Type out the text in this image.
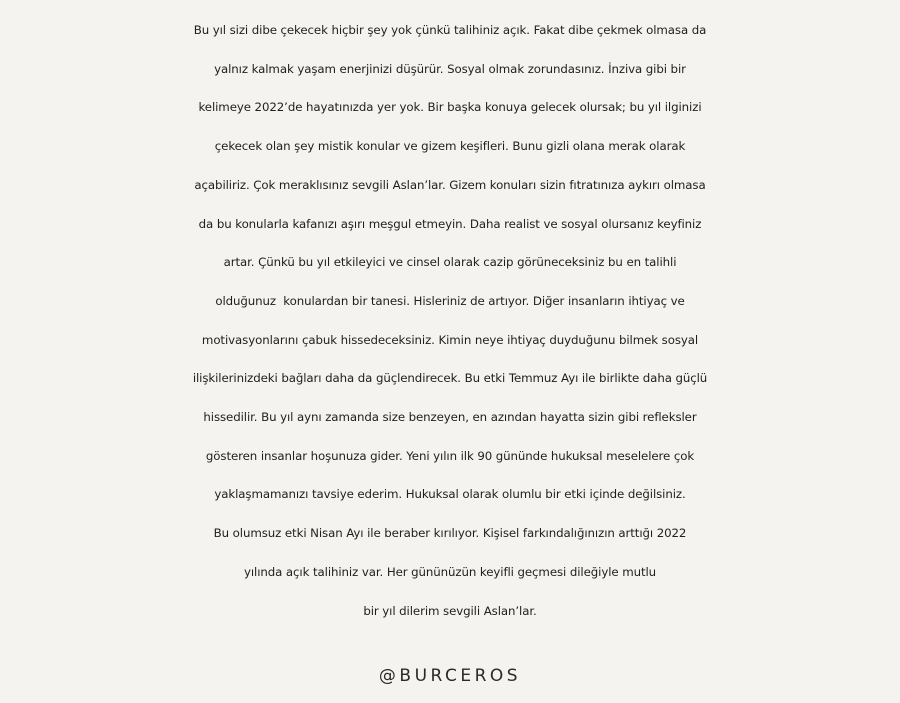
Bu yıl sizi dibe çekecek hiçbir şey yok çünkü talihiniz açık. Fakat dibe çekmek olmasa da
yalnız kalmak yaşam enerjinizi düşürür. Sosyal olmak zorundasınız. İnziva gibi bir
kelimeye 2022’de hayatınızda yer yok. Bir başka konuya gelecek olursak; bu yıl ilginizi
çekecek olan şey mistik konular ve gizem keşifleri. Bunu gizli olana merak olarak
açabiliriz. Çok meraklısınız sevgili Aslan’lar. Gizem konuları sizin fıtratınıza aykırı olmasa
da bu konularla kafanızı aşırı meşgul etmeyin. Daha realist ve sosyal olursanız keyfiniz
artar. Çünkü bu yıl etkileyici ve cinsel olarak cazip görüneceksiniz bu en talihli
olduğunuz  konulardan bir tanesi. Hisleriniz de artıyor. Diğer insanların ihtiyaç ve
motivasyonlarını çabuk hissedeceksiniz. Kimin neye ihtiyaç duyduğunu bilmek sosyal
ilişkilerinizdeki bağları daha da güçlendirecek. Bu etki Temmuz Ayı ile birlikte daha güçlü
hissedilir. Bu yıl aynı zamanda size benzeyen, en azından hayatta sizin gibi refleksler
gösteren insanlar hoşunuza gider. Yeni yılın ilk 90 gününde hukuksal meselelere çok
yaklaşmamanızı tavsiye ederim. Hukuksal olarak olumlu bir etki içinde değilsiniz.
Bu olumsuz etki Nisan Ayı ile beraber kırılıyor. Kişisel farkındalığınızın arttığı 2022
yılında açık talihiniz var. Her gününüzün keyifli geçmesi dileğiyle mutlu
bir yıl dilerim sevgili Aslan’lar.
@BURCEROS
